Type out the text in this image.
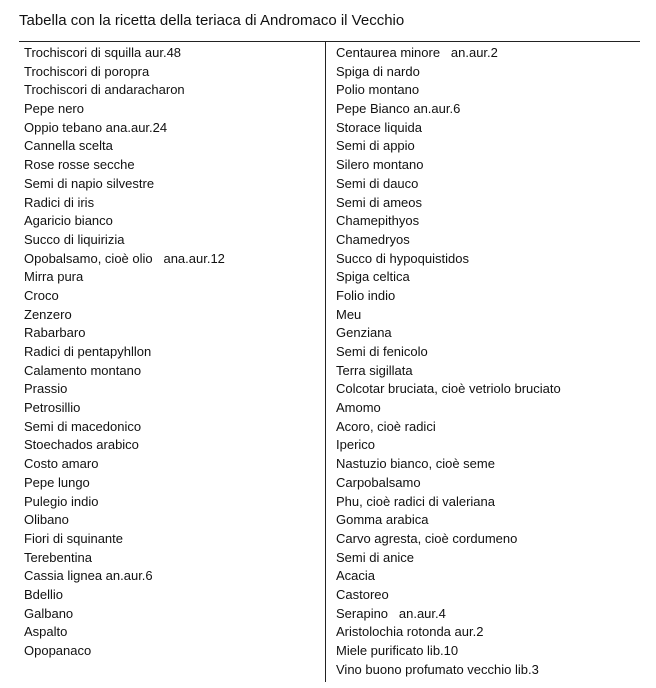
Tabella con la ricetta della teriaca di Andromaco il Vecchio
Trochiscori di squilla aur.48
Trochiscori di poropra
Trochiscori di andaracharon
Pepe nero
Oppio tebano ana.aur.24
Cannella scelta
Rose rosse secche
Semi di napio silvestre
Radici di iris
Agaricio bianco
Succo di liquirizia
Opobalsamo, cioè olio   ana.aur.12
Mirra pura
Croco
Zenzero
Rabarbaro
Radici di pentapyhllon
Calamento montano
Prassio
Petrosillio
Semi di macedonico
Stoechados arabico
Costo amaro
Pepe lungo
Pulegio indio
Olibano
Fiori di squinante
Terebentina
Cassia lignea an.aur.6
Bdellio
Galbano
Aspalto
Opopanaco
Centaurea minore   an.aur.2
Spiga di nardo
Polio montano
Pepe Bianco an.aur.6
Storace liquida
Semi di appio
Silero montano
Semi di dauco
Semi di ameos
Chamepithyos
Chamedryos
Succo di hypoquistidos
Spiga celtica
Folio indio
Meu
Genziana
Semi di fenicolo
Terra sigillata
Colcotar bruciata, cioè vetriolo bruciato
Amomo
Acoro, cioè radici
Iperico
Nastuzio bianco, cioè seme
Carpobalsamo
Phu, cioè radici di valeriana
Gomma arabica
Carvo agresta, cioè cordumeno
Semi di anice
Acacia
Castoreo
Serapino   an.aur.4
Aristolochia rotonda aur.2
Miele purificato lib.10
Vino buono profumato vecchio lib.3
